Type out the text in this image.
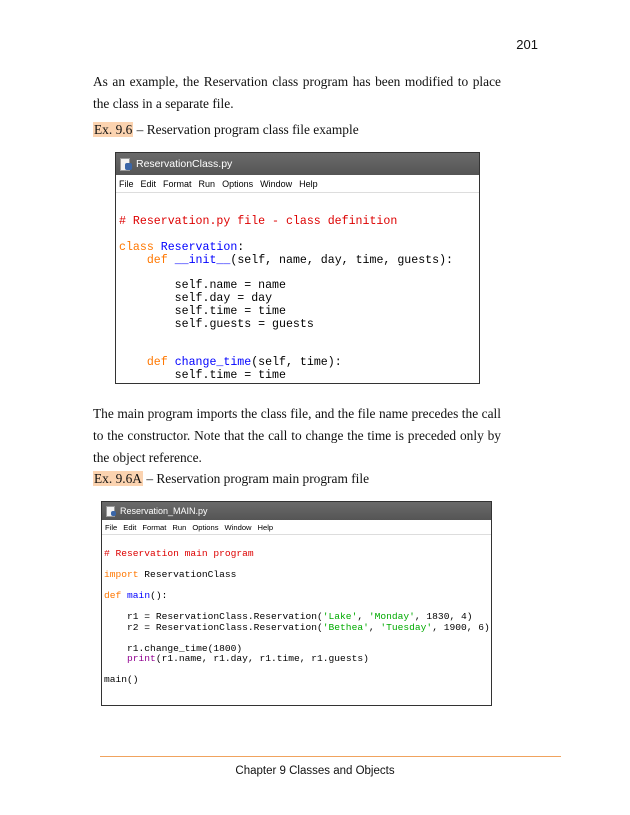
201

As an example, the Reservation class program has been modified to place the class in a separate file.

Ex. 9.6 – Reservation program class file example
ReservationClass.py
File Edit Format Run Options Window Help
# Reservation.py file - class definition

class Reservation:
def __init__(self, name, day, time, guests):

self.name = name
self.day = day
self.time = time
self.guests = guests

def change_time(self, time):
self.time = time

The main program imports the class file, and the file name precedes the call to the constructor. Note that the call to change the time is preceded only by the object reference.

Ex. 9.6A – Reservation program main program file
Reservation_MAIN.py
File Edit Format Run Options Window Help
# Reservation main program

import ReservationClass

def main():

r1 = ReservationClass.Reservation('Lake', 'Monday', 1830, 4)
r2 = ReservationClass.Reservation('Bethea', 'Tuesday', 1900, 6)

r1.change_time(1800)
print(r1.name, r1.day, r1.time, r1.guests)

main()
Chapter 9 Classes and Objects
